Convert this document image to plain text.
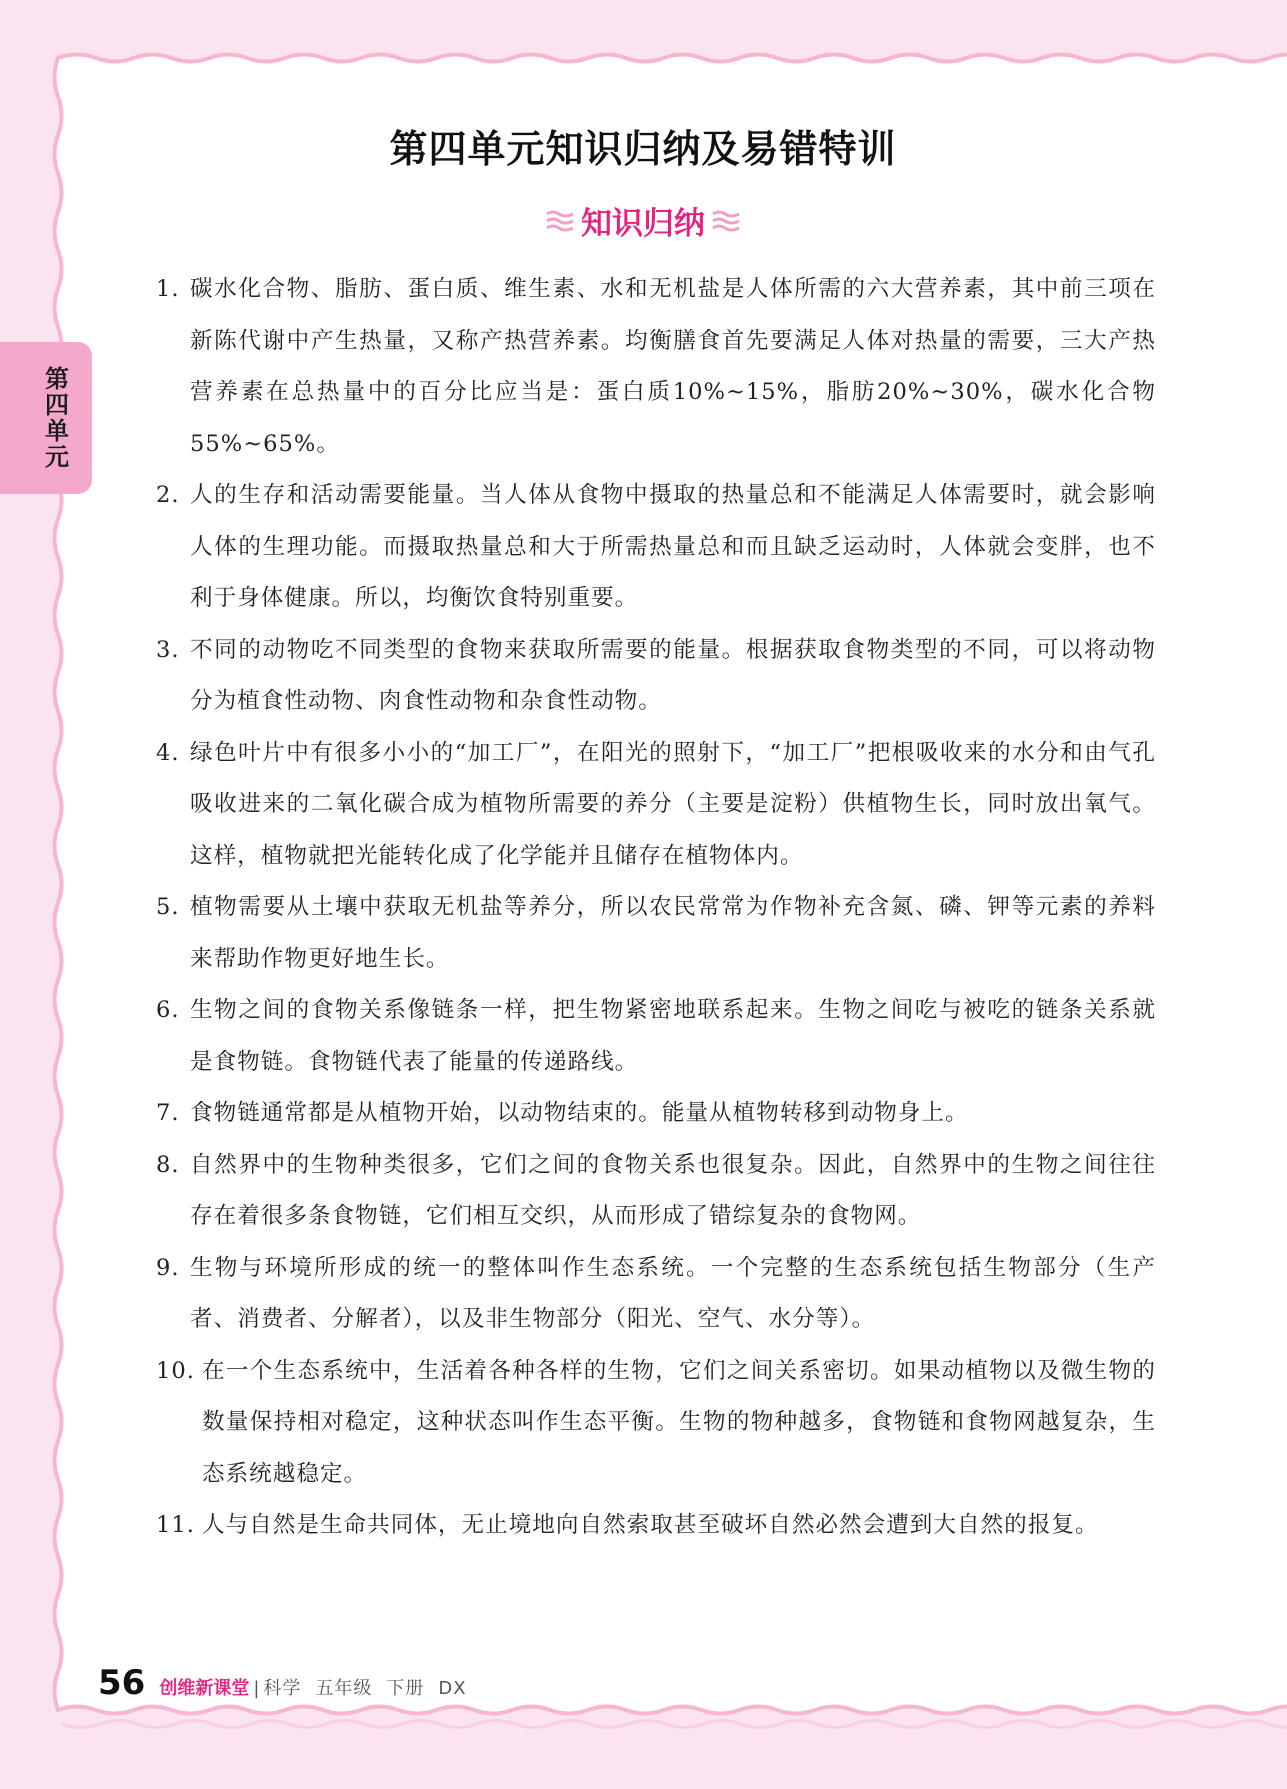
第四单元知识归纳及易错特训
知识归纳
第四单元
1. 碳水化合物、脂肪、蛋白质、维生素、水和无机盐是人体所需的六大营养素，其中前三项在新陈代谢中产生热量，又称产热营养素。均衡膳食首先要满足人体对热量的需要，三大产热营养素在总热量中的百分比应当是：蛋白质10%~15%，脂肪20%~30%，碳水化合物55%~65%。
2. 人的生存和活动需要能量。当人体从食物中摄取的热量总和不能满足人体需要时，就会影响人体的生理功能。而摄取热量总和大于所需热量总和而且缺乏运动时，人体就会变胖，也不利于身体健康。所以，均衡饮食特别重要。
3. 不同的动物吃不同类型的食物来获取所需要的能量。根据获取食物类型的不同，可以将动物分为植食性动物、肉食性动物和杂食性动物。
4. 绿色叶片中有很多小小的“加工厂”，在阳光的照射下，“加工厂”把根吸收来的水分和由气孔吸收进来的二氧化碳合成为植物所需要的养分（主要是淀粉）供植物生长，同时放出氧气。这样，植物就把光能转化成了化学能并且储存在植物体内。
5. 植物需要从土壤中获取无机盐等养分，所以农民常常为作物补充含氮、磷、钾等元素的养料来帮助作物更好地生长。
6. 生物之间的食物关系像链条一样，把生物紧密地联系起来。生物之间吃与被吃的链条关系就是食物链。食物链代表了能量的传递路线。
7. 食物链通常都是从植物开始，以动物结束的。能量从植物转移到动物身上。
8. 自然界中的生物种类很多，它们之间的食物关系也很复杂。因此，自然界中的生物之间往往存在着很多条食物链，它们相互交织，从而形成了错综复杂的食物网。
9. 生物与环境所形成的统一的整体叫作生态系统。一个完整的生态系统包括生物部分（生产者、消费者、分解者），以及非生物部分（阳光、空气、水分等）。
10. 在一个生态系统中，生活着各种各样的生物，它们之间关系密切。如果动植物以及微生物的数量保持相对稳定，这种状态叫作生态平衡。生物的物种越多，食物链和食物网越复杂，生态系统越稳定。
11. 人与自然是生命共同体，无止境地向自然索取甚至破坏自然必然会遭到大自然的报复。
56 创维新课堂 | 科学 五年级 下册 DX
